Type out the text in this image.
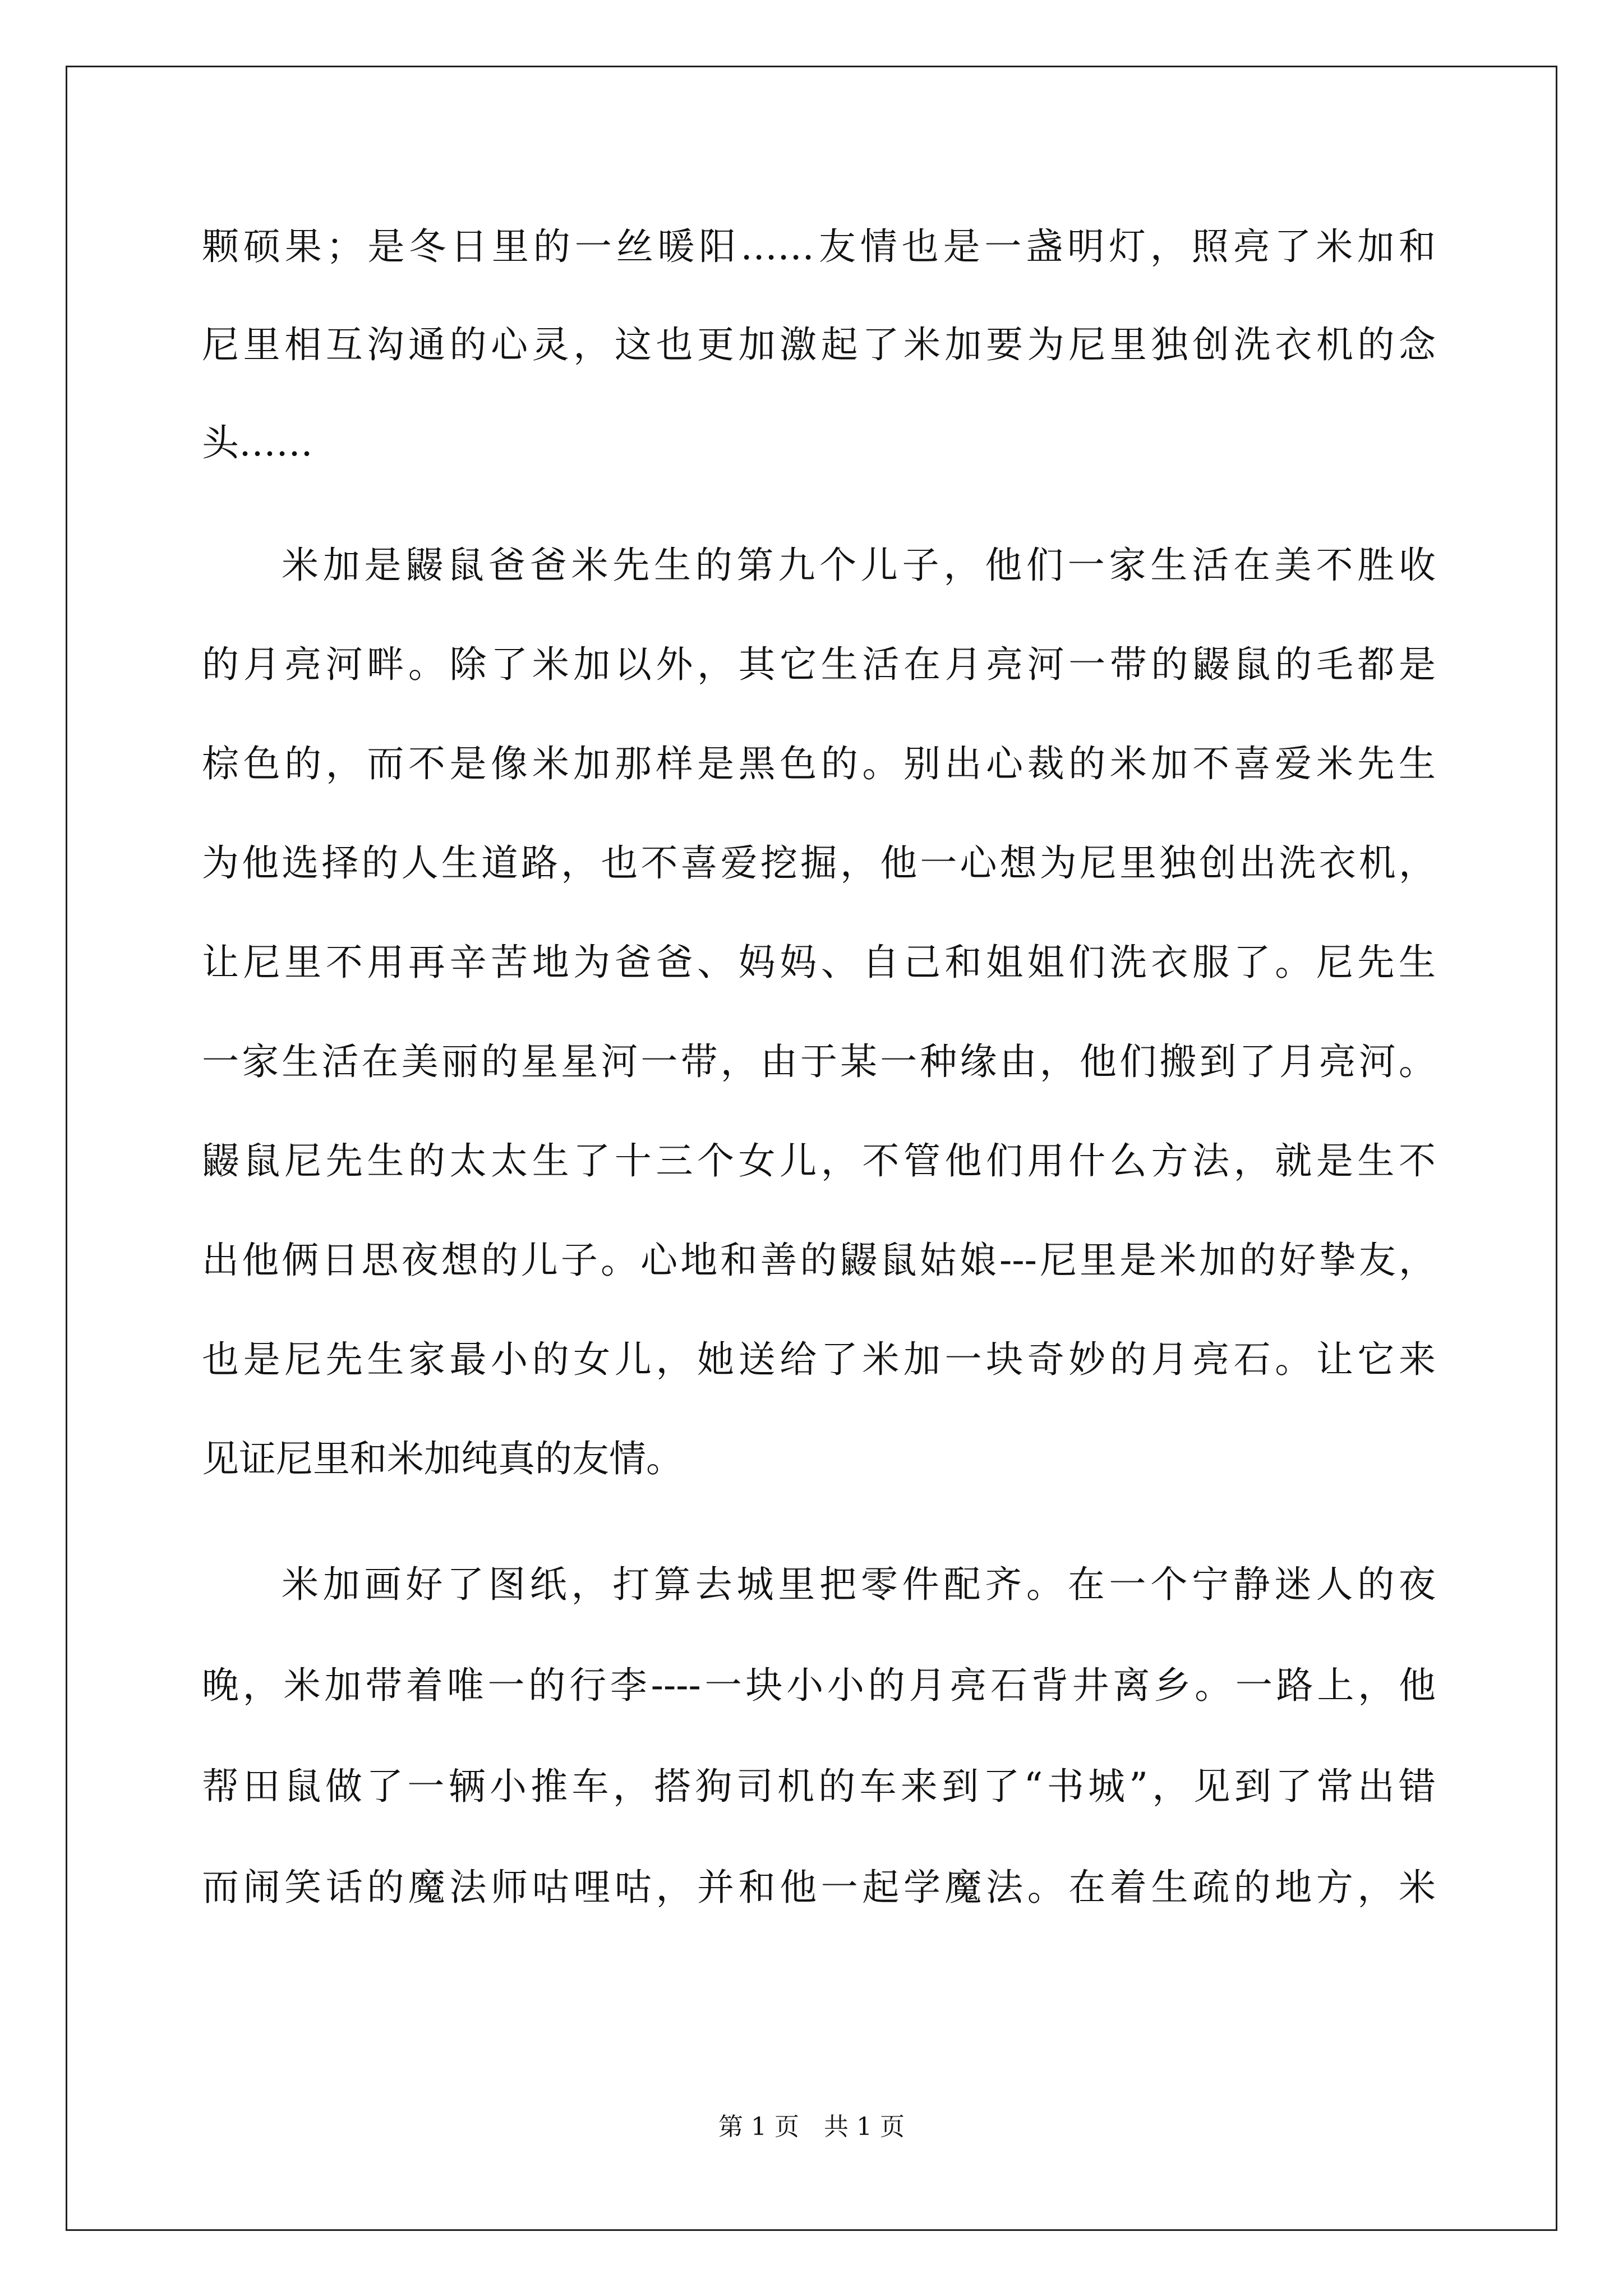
颗硕果；是冬日里的一丝暖阳……友情也是一盏明灯，照亮了米加和
尼里相互沟通的心灵，这也更加激起了米加要为尼里独创洗衣机的念
头……
米加是鼹鼠爸爸米先生的第九个儿子，他们一家生活在美不胜收
的月亮河畔。除了米加以外，其它生活在月亮河一带的鼹鼠的毛都是
棕色的，而不是像米加那样是黑色的。别出心裁的米加不喜爱米先生
为他选择的人生道路，也不喜爱挖掘，他一心想为尼里独创出洗衣机，
让尼里不用再辛苦地为爸爸、妈妈、自己和姐姐们洗衣服了。尼先生
一家生活在美丽的星星河一带，由于某一种缘由，他们搬到了月亮河。
鼹鼠尼先生的太太生了十三个女儿，不管他们用什么方法，就是生不
出他俩日思夜想的儿子。心地和善的鼹鼠姑娘---尼里是米加的好挚友，
也是尼先生家最小的女儿，她送给了米加一块奇妙的月亮石。让它来
见证尼里和米加纯真的友情。
米加画好了图纸，打算去城里把零件配齐。在一个宁静迷人的夜
晚，米加带着唯一的行李----一块小小的月亮石背井离乡。一路上，他
帮田鼠做了一辆小推车，搭狗司机的车来到了“书城”，见到了常出错
而闹笑话的魔法师咕哩咕，并和他一起学魔法。在着生疏的地方，米
第 1 页　共 1 页
